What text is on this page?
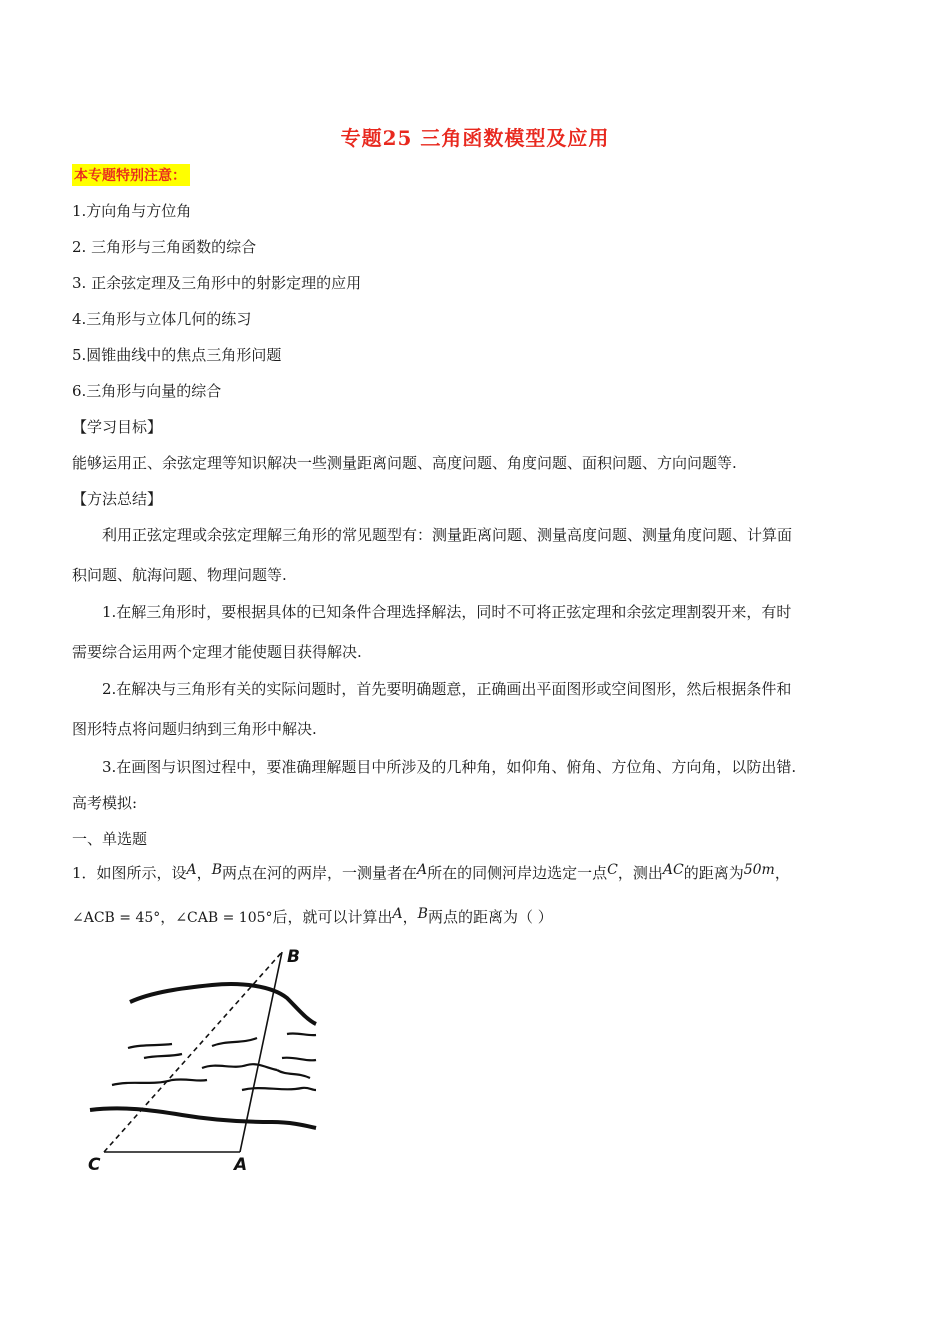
专题25 三角函数模型及应用
本专题特别注意：
1.方向角与方位角
2. 三角形与三角函数的综合
3. 正余弦定理及三角形中的射影定理的应用
4.三角形与立体几何的练习
5.圆锥曲线中的焦点三角形问题
6.三角形与向量的综合
【学习目标】
能够运用正、余弦定理等知识解决一些测量距离问题、高度问题、角度问题、面积问题、方向问题等.
【方法总结】
利用正弦定理或余弦定理解三角形的常见题型有：测量距离问题、测量高度问题、测量角度问题、计算面
积问题、航海问题、物理问题等.
1.在解三角形时，要根据具体的已知条件合理选择解法，同时不可将正弦定理和余弦定理割裂开来，有时
需要综合运用两个定理才能使题目获得解决.
2.在解决与三角形有关的实际问题时，首先要明确题意，正确画出平面图形或空间图形，然后根据条件和
图形特点将问题归纳到三角形中解决.
3.在画图与识图过程中，要准确理解题目中所涉及的几种角，如仰角、俯角、方位角、方向角，以防出错.
高考模拟:
一、单选题
1．如图所示，设A，B两点在河的两岸，一测量者在A所在的同侧河岸边选定一点C，测出AC的距离为50m，
∠ACB = 45°，∠CAB = 105°后，就可以计算出A，B两点的距离为（ ）
B
C	A
